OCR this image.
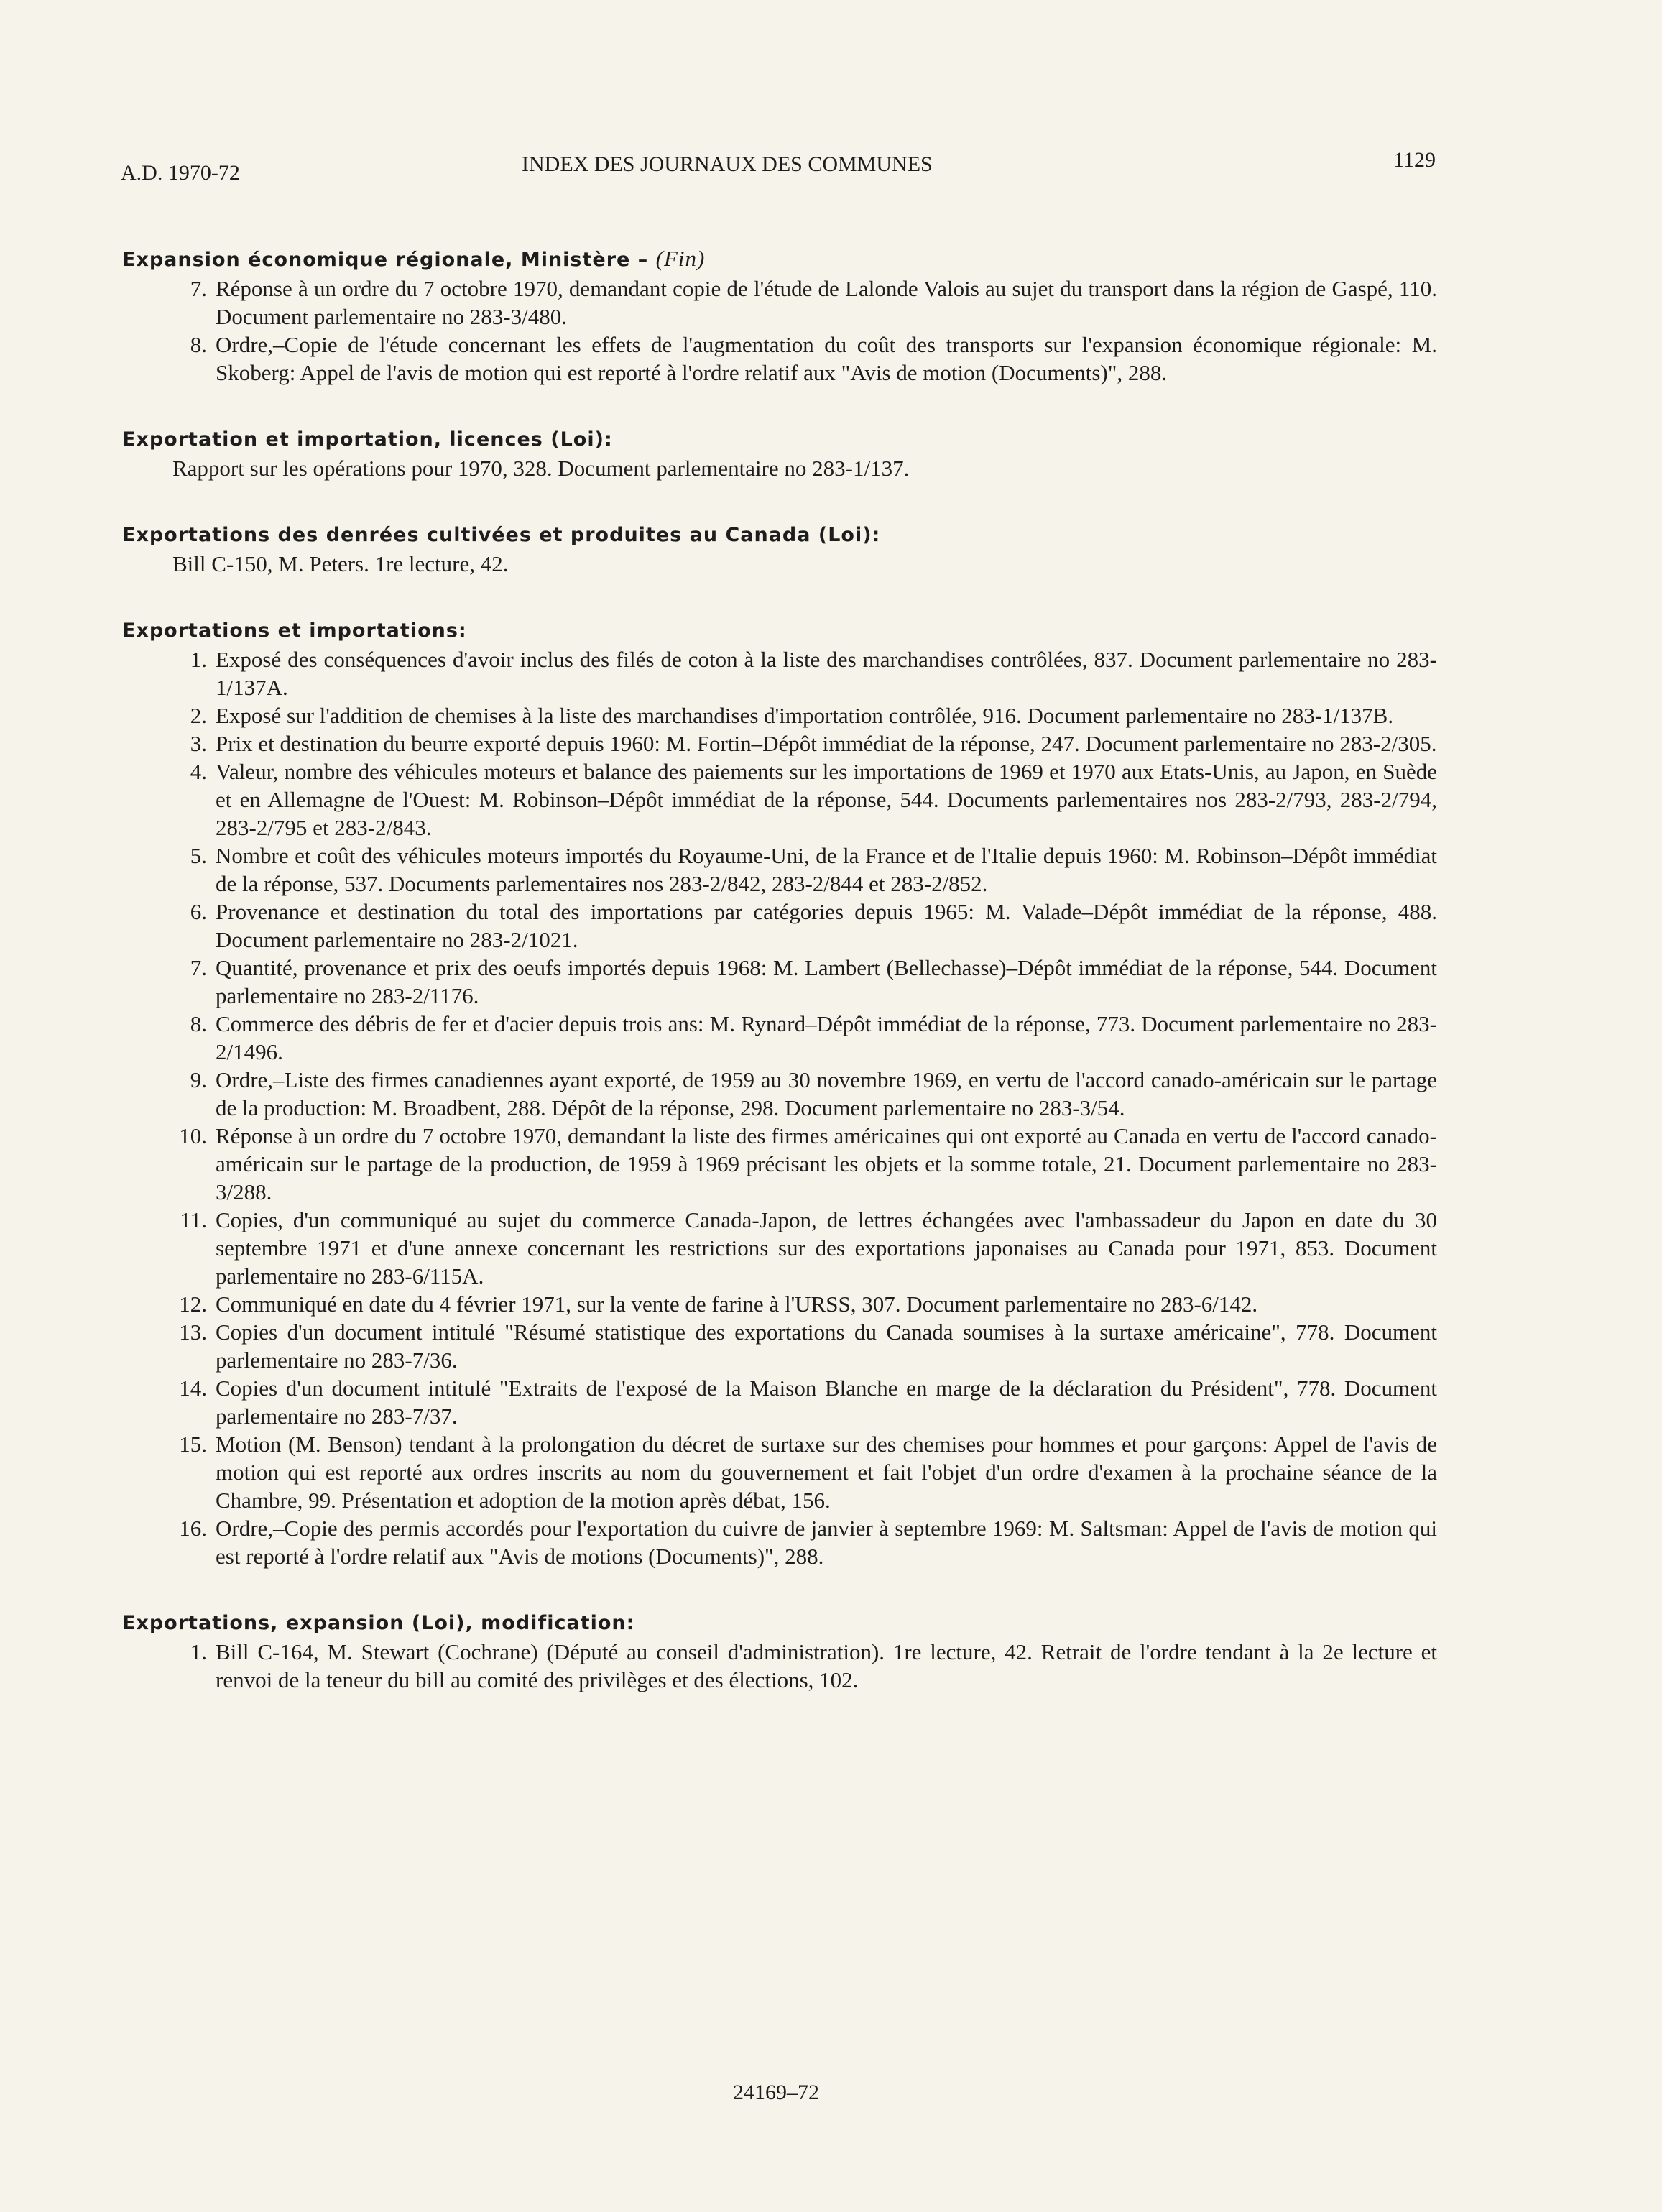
A.D. 1970-72	INDEX DES JOURNAUX DES COMMUNES	1129
Expansion économique régionale, Ministère – (Fin)
7. Réponse à un ordre du 7 octobre 1970, demandant copie de l'étude de Lalonde Valois au sujet du transport dans la région de Gaspé, 110. Document parlementaire no 283-3/480.
8. Ordre,–Copie de l'étude concernant les effets de l'augmentation du coût des transports sur l'expansion économique régionale: M. Skoberg: Appel de l'avis de motion qui est reporté à l'ordre relatif aux "Avis de motion (Documents)", 288.
Exportation et importation, licences (Loi):
Rapport sur les opérations pour 1970, 328. Document parlementaire no 283-1/137.
Exportations des denrées cultivées et produites au Canada (Loi):
Bill C-150, M. Peters. 1re lecture, 42.
Exportations et importations:
1. Exposé des conséquences d'avoir inclus des filés de coton à la liste des marchandises contrôlées, 837. Document parlementaire no 283-1/137A.
2. Exposé sur l'addition de chemises à la liste des marchandises d'importation contrôlée, 916. Document parlementaire no 283-1/137B.
3. Prix et destination du beurre exporté depuis 1960: M. Fortin–Dépôt immédiat de la réponse, 247. Document parlementaire no 283-2/305.
4. Valeur, nombre des véhicules moteurs et balance des paiements sur les importations de 1969 et 1970 aux Etats-Unis, au Japon, en Suède et en Allemagne de l'Ouest: M. Robinson–Dépôt immédiat de la réponse, 544. Documents parlementaires nos 283-2/793, 283-2/794, 283-2/795 et 283-2/843.
5. Nombre et coût des véhicules moteurs importés du Royaume-Uni, de la France et de l'Italie depuis 1960: M. Robinson–Dépôt immédiat de la réponse, 537. Documents parlementaires nos 283-2/842, 283-2/844 et 283-2/852.
6. Provenance et destination du total des importations par catégories depuis 1965: M. Valade–Dépôt immédiat de la réponse, 488. Document parlementaire no 283-2/1021.
7. Quantité, provenance et prix des oeufs importés depuis 1968: M. Lambert (Bellechasse)–Dépôt immédiat de la réponse, 544. Document parlementaire no 283-2/1176.
8. Commerce des débris de fer et d'acier depuis trois ans: M. Rynard–Dépôt immédiat de la réponse, 773. Document parlementaire no 283-2/1496.
9. Ordre,–Liste des firmes canadiennes ayant exporté, de 1959 au 30 novembre 1969, en vertu de l'accord canado-américain sur le partage de la production: M. Broadbent, 288. Dépôt de la réponse, 298. Document parlementaire no 283-3/54.
10. Réponse à un ordre du 7 octobre 1970, demandant la liste des firmes américaines qui ont exporté au Canada en vertu de l'accord canado-américain sur le partage de la production, de 1959 à 1969 précisant les objets et la somme totale, 21. Document parlementaire no 283-3/288.
11. Copies, d'un communiqué au sujet du commerce Canada-Japon, de lettres échangées avec l'ambassadeur du Japon en date du 30 septembre 1971 et d'une annexe concernant les restrictions sur des exportations japonaises au Canada pour 1971, 853. Document parlementaire no 283-6/115A.
12. Communiqué en date du 4 février 1971, sur la vente de farine à l'URSS, 307. Document parlementaire no 283-6/142.
13. Copies d'un document intitulé "Résumé statistique des exportations du Canada soumises à la surtaxe américaine", 778. Document parlementaire no 283-7/36.
14. Copies d'un document intitulé "Extraits de l'exposé de la Maison Blanche en marge de la déclaration du Président", 778. Document parlementaire no 283-7/37.
15. Motion (M. Benson) tendant à la prolongation du décret de surtaxe sur des chemises pour hommes et pour garçons: Appel de l'avis de motion qui est reporté aux ordres inscrits au nom du gouvernement et fait l'objet d'un ordre d'examen à la prochaine séance de la Chambre, 99. Présentation et adoption de la motion après débat, 156.
16. Ordre,–Copie des permis accordés pour l'exportation du cuivre de janvier à septembre 1969: M. Saltsman: Appel de l'avis de motion qui est reporté à l'ordre relatif aux "Avis de motions (Documents)", 288.
Exportations, expansion (Loi), modification:
1. Bill C-164, M. Stewart (Cochrane) (Député au conseil d'administration). 1re lecture, 42. Retrait de l'ordre tendant à la 2e lecture et renvoi de la teneur du bill au comité des privilèges et des élections, 102.
24169–72
